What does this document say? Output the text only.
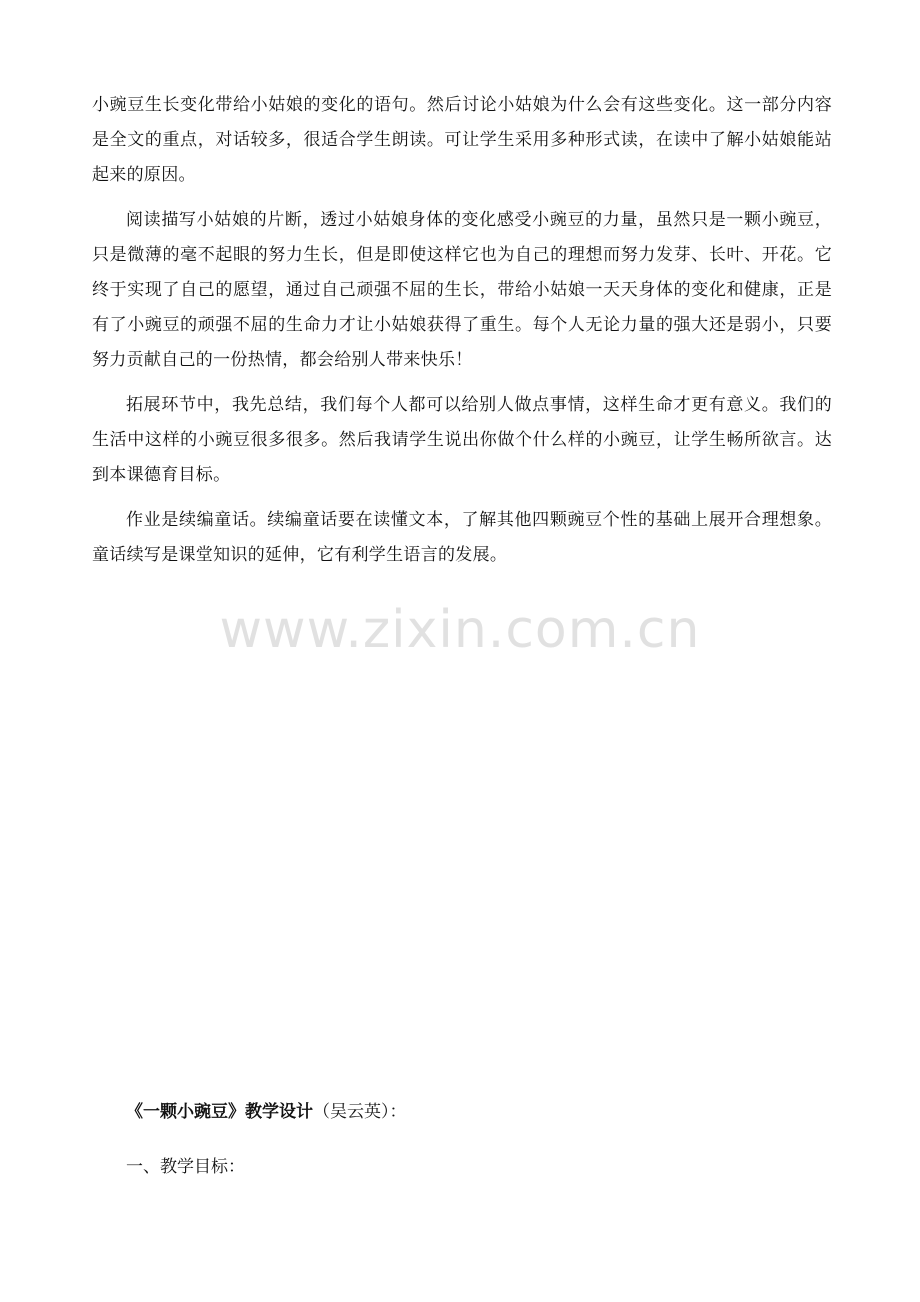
小豌豆生长变化带给小姑娘的变化的语句。然后讨论小姑娘为什么会有这些变化。这一部分内容是全文的重点，对话较多，很适合学生朗读。可让学生采用多种形式读，在读中了解小姑娘能站起来的原因。

阅读描写小姑娘的片断，透过小姑娘身体的变化感受小豌豆的力量，虽然只是一颗小豌豆，只是微薄的毫不起眼的努力生长，但是即使这样它也为自己的理想而努力发芽、长叶、开花。它终于实现了自己的愿望，通过自己顽强不屈的生长，带给小姑娘一天天身体的变化和健康，正是有了小豌豆的顽强不屈的生命力才让小姑娘获得了重生。每个人无论力量的强大还是弱小，只要努力贡献自己的一份热情，都会给别人带来快乐！

拓展环节中，我先总结，我们每个人都可以给别人做点事情，这样生命才更有意义。我们的生活中这样的小豌豆很多很多。然后我请学生说出你做个什么样的小豌豆，让学生畅所欲言。达到本课德育目标。

作业是续编童话。续编童话要在读懂文本，了解其他四颗豌豆个性的基础上展开合理想象。童话续写是课堂知识的延伸，它有利学生语言的发展。

www.zixin.com.cn

《一颗小豌豆》教学设计（吴云英）：

一、教学目标：
